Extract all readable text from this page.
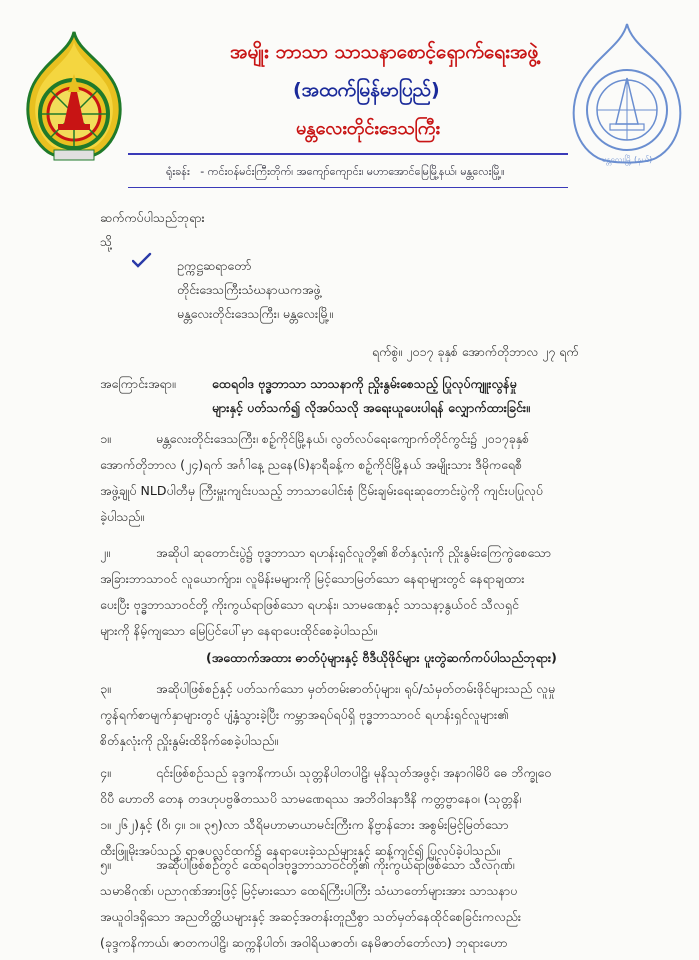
အမျိုး ဘာသာ သာသနာစောင့်ရှောက်ရေးအဖွဲ့
(အထက်မြန်မာပြည်)
မန္တလေးတိုင်းဒေသကြီး
မန္တလေးမြို့ (နယ်)
ရုံးခန်း - ကင်းဝန်မင်းကြီးတိုက်၊ အကျော်ကျောင်း၊ မဟာအောင်မြေမြို့နယ်၊ မန္တလေးမြို့။
ဆက်ကပ်ပါသည်ဘုရား
သို့
ဥက္ကဋ္ဌဆရာတော်
တိုင်းဒေသကြီးသံဃနာယကအဖွဲ့
မန္တလေးတိုင်းဒေသကြီး၊ မန္တလေးမြို့။
ရက်စွဲ။ ၂၀၁၇ ခုနှစ် အောက်တိုဘာလ ၂၇ ရက်
အကြောင်းအရာ။	ထေရဝါဒ ဗုဒ္ဓဘာသာ သာသနာကို ညှိုးနွမ်းစေသည့် ပြုလုပ်ကျူးလွန်မှု
များနှင့် ပတ်သက်၍ လိုအပ်သလို အရေးယူပေးပါရန် လျှောက်ထားခြင်း။
၁။	မန္တလေးတိုင်းဒေသကြီး၊ စဉ့်ကိုင်မြို့နယ်၊ လွတ်လပ်ရေးကျောက်တိုင်ကွင်း၌ ၂၀၁၇ခုနှစ်
အောက်တိုဘာလ (၂၄)ရက် အင်္ဂါနေ့ ညနေ(၆)နာရီခန့်က စဉ့်ကိုင်မြို့နယ် အမျိုးသား ဒီမိုကရေစီ
အဖွဲ့ချုပ် NLDပါတီမှ ကြီးမှူးကျင်းပသည့် ဘာသာပေါင်းစုံ ငြိမ်းချမ်းရေးဆုတောင်းပွဲကို ကျင်းပပြုလုပ်
ခဲ့ပါသည်။
၂။	အဆိုပါ ဆုတောင်းပွဲ၌ ဗုဒ္ဓဘာသာ ရဟန်းရှင်လူတို့၏ စိတ်နှလုံးကို ညှိုးနွမ်းကြေကွဲစေသော
အခြားဘာသာဝင် လူယောက်ျား၊ လူမိန်းမများကို မြင့်သောမြတ်သော နေရာများတွင် နေရာချထား
ပေးပြီး ဗုဒ္ဓဘာသာဝင်တို့ ကိုးကွယ်ရာဖြစ်သော ရဟန်း၊ သာမဏေနှင့် သာသနာ့နွယ်ဝင် သီလရှင်
များကို နိမ့်ကျသော မြေပြင်ပေါ်မှာ နေရာပေးထိုင်စေခဲ့ပါသည်။
(အထောက်အထား ဓာတ်ပုံများနှင့် ဗီဒီယိုဖိုင်များ ပူးတွဲဆက်ကပ်ပါသည်ဘုရား)
၃။	အဆိုပါဖြစ်စဉ်နှင့် ပတ်သက်သော မှတ်တမ်းဓာတ်ပုံများ၊ ရုပ်/သံမှတ်တမ်းဖိုင်များသည် လူမှု
ကွန်ရက်စာမျက်နှာများတွင် ပျံ့နှံ့သွားခဲ့ပြီး ကမ္ဘာအရပ်ရပ်ရှိ ဗုဒ္ဓဘာသာဝင် ရဟန်းရှင်လူများ၏
စိတ်နှလုံးကို ညှိုးနွမ်းထိခိုက်စေခဲ့ပါသည်။
၄။	၎င်းဖြစ်စဉ်သည် ခုဒ္ဒကနိကာယ်၊ သုတ္တနိပါတပါဠိ၊ မုနိသုတ်အဖွင့်၊ အနာဂါမိပိ ဓေ ဘိက္ခုဝေ
ဝိပီ ဟောတိ တေန တဒဟုပဗ္ဗဇိတဿပိ သာမဏေရဿ အဘိဝါဒနာဒီနိ ကတ္တဗ္ဗာနေဝ၊ (သုတ္တနိ၊
၁။ ၂၆၂)နှင့် (ဝိ၊ ၄။ ၁။ ၃၅)လာ သီရိမဟာမာယာမင်းကြီးက နိဗ္ဗာန်ဘေး အစွမ်းမြင့်မြတ်သော
ထီးဖြူမိုးအပ်သည့် ရာဇပလ္လင်ထက်၌ နေရာပေးခဲ့သည်များနှင့် ဆန့်ကျင်၍ ပြုလုပ်ခဲ့ပါသည်။
၅။	အဆိုပါဖြစ်စဉ်တွင် ထေရဝါဒဗုဒ္ဓဘာသာဝင်တို့၏ ကိုးကွယ်ရာဖြစ်သော သီလဂုဏ်၊
သမာဓိဂုဏ်၊ ပညာဂုဏ်အားဖြင့် မြင့်မားသော ထေရ်ကြီးပါကြီး သံဃာတော်များအား သာသနာပ
အယူဝါဒရှိသော အညတိတ္ထိယများနှင့် အဆင့်အတန်းတူညီစွာ သတ်မှတ်နေထိုင်စေခြင်းကလည်း
(ခုဒ္ဒကနိကာယ်၊ ဇာတကပါဠိ၊ ဆက္ကနိပါတ်၊ အဝါရိယဇာတ်၊ နေမိဇာတ်တော်လာ) ဘုရားဟော
